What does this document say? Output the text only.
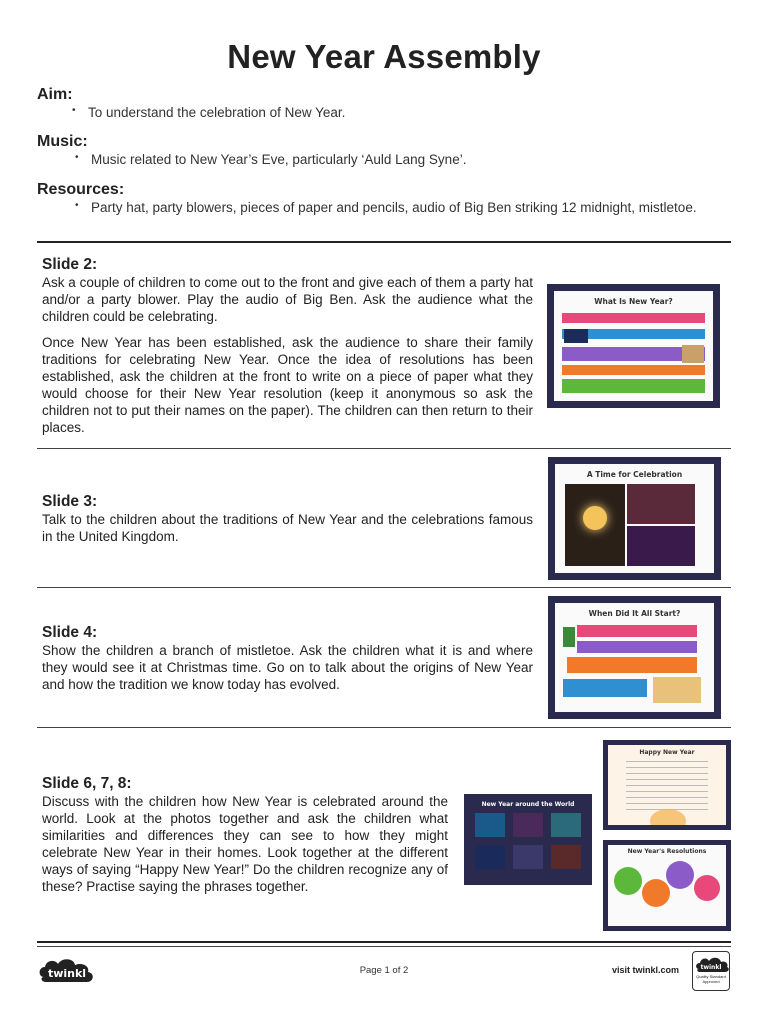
New Year Assembly
Aim:
• To understand the celebration of New Year.
Music:
• Music related to New Year’s Eve, particularly ‘Auld Lang Syne’.
Resources:
• Party hat, party blowers, pieces of paper and pencils, audio of Big Ben striking 12 midnight, mistletoe.
Slide 2:
Ask a couple of children to come out to the front and give each of them a party hat and/or a party blower. Play the audio of Big Ben. Ask the audience what the children could be celebrating.
Once New Year has been established, ask the audience to share their family traditions for celebrating New Year. Once the idea of resolutions has been established, ask the children at the front to write on a piece of paper what they would choose for their New Year resolution (keep it anonymous so ask the children not to put their names on the paper). The children can then return to their places.
What Is New Year?
Slide 3:
Talk to the children about the traditions of New Year and the celebrations famous in the United Kingdom.
A Time for Celebration
Slide 4:
Show the children a branch of mistletoe. Ask the children what it is and where they would see it at Christmas time. Go on to talk about the origins of New Year and how the tradition we know today has evolved.
When Did It All Start?
Slide 6, 7, 8:
Discuss with the children how New Year is celebrated around the world. Look at the photos together and ask the children what similarities and differences they can see to how they might celebrate New Year in their homes. Look together at the different ways of saying “Happy New Year!” Do the children recognize any of these? Practise saying the phrases together.
New Year around the World
Happy New Year
New Year's Resolutions
twinkl	Page 1 of 2	visit twinkl.com	twinkl
Quality Standard Approved
